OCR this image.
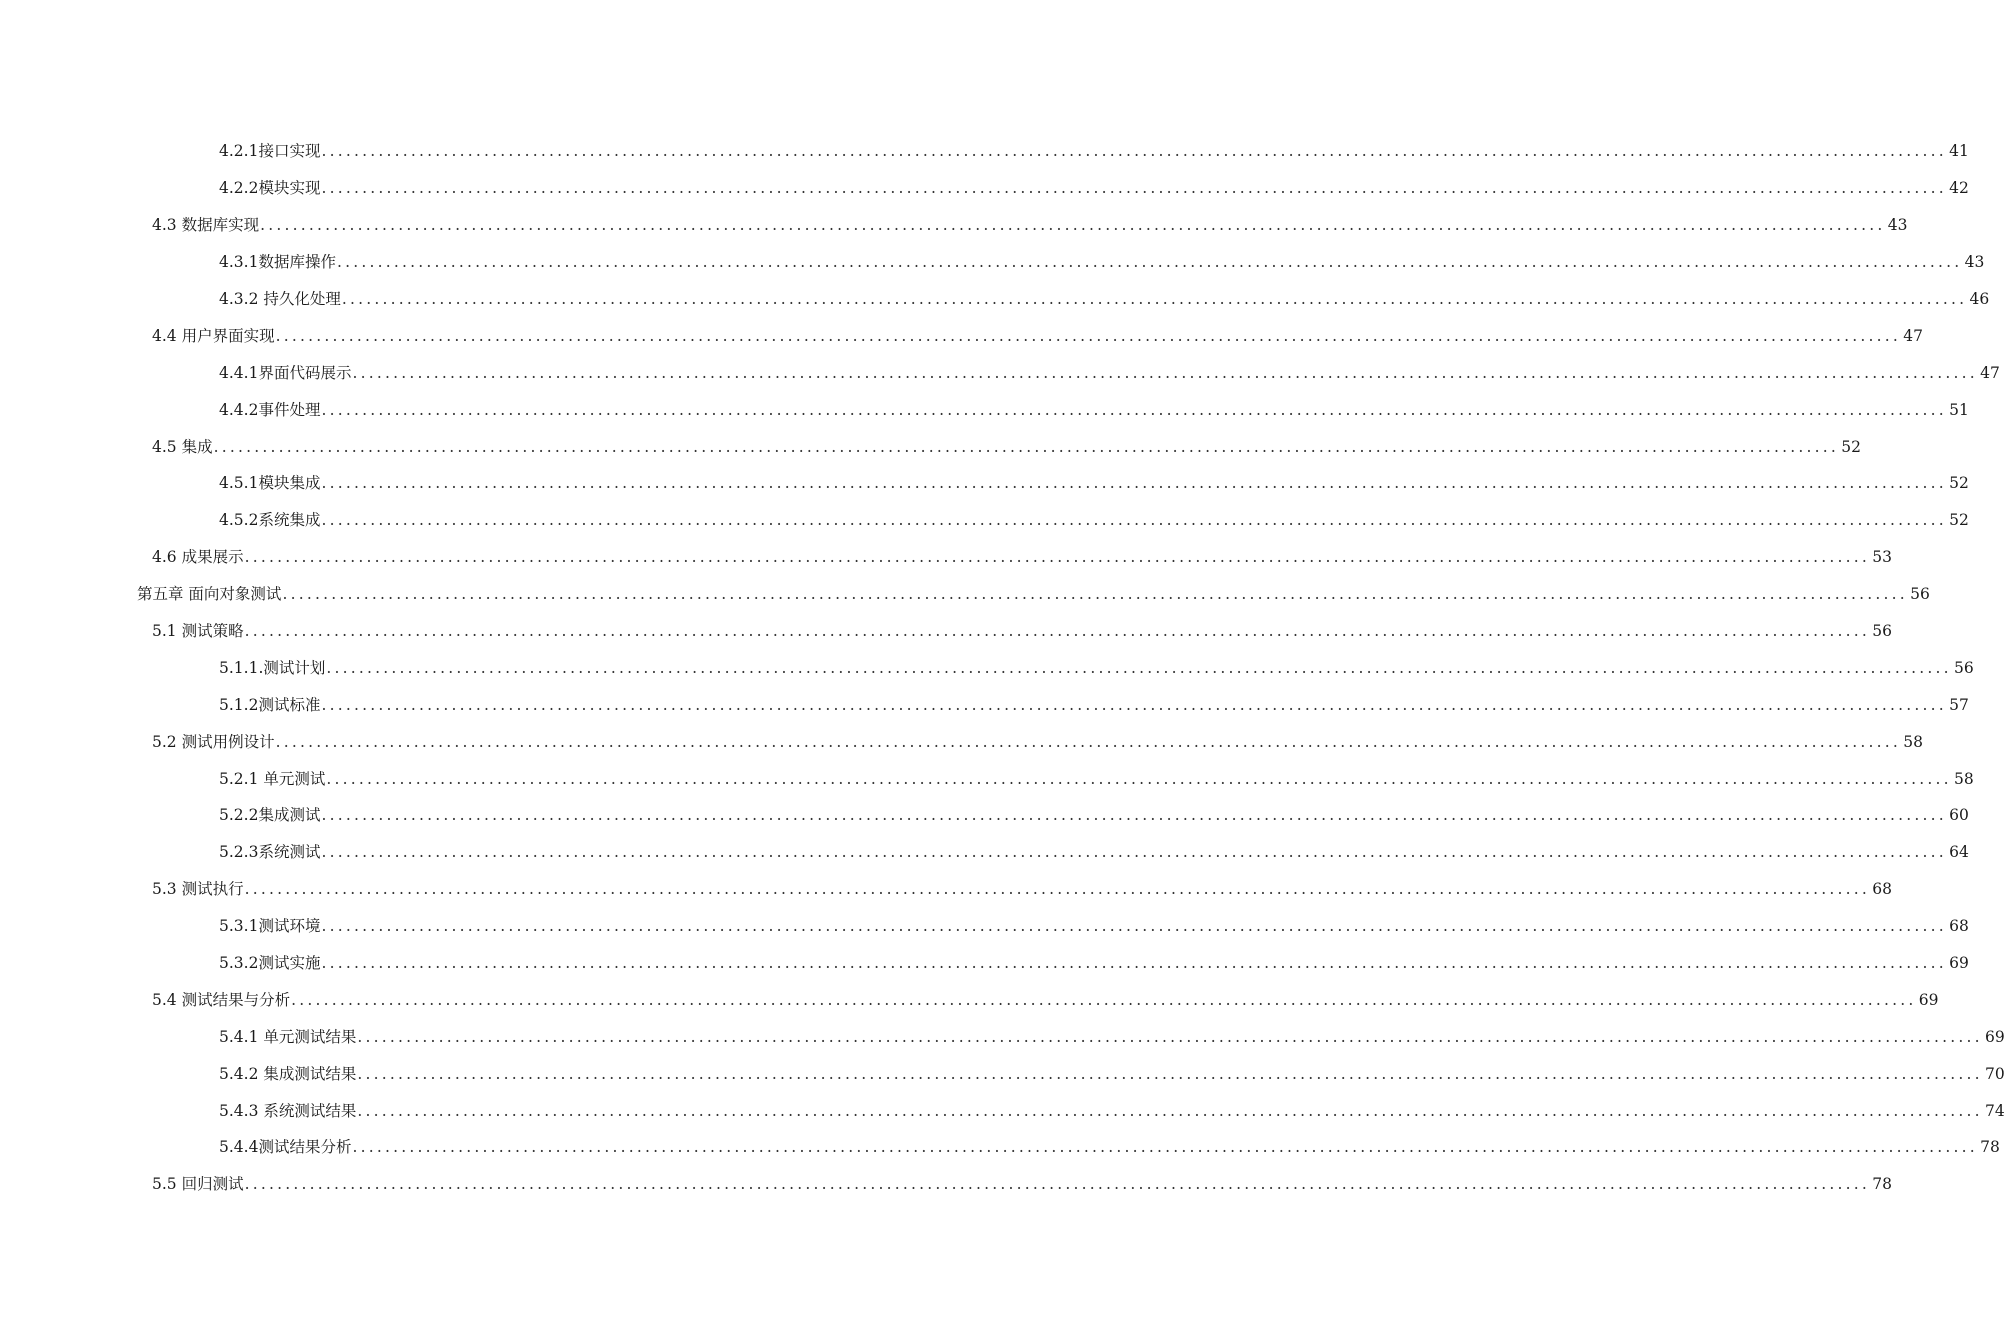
4.2.1接口实现 ........................................................................................................................................................................................................ 41
4.2.2模块实现 ........................................................................................................................................................................................................ 42
4.3 数据库实现 ........................................................................................................................................................................................................ 43
4.3.1数据库操作 ........................................................................................................................................................................................................ 43
4.3.2 持久化处理 ........................................................................................................................................................................................................ 46
4.4 用户界面实现 ........................................................................................................................................................................................................ 47
4.4.1界面代码展示 ........................................................................................................................................................................................................ 47
4.4.2事件处理 ........................................................................................................................................................................................................ 51
4.5 集成 ........................................................................................................................................................................................................ 52
4.5.1模块集成 ........................................................................................................................................................................................................ 52
4.5.2系统集成 ........................................................................................................................................................................................................ 52
4.6 成果展示 ........................................................................................................................................................................................................ 53
第五章 面向对象测试 ........................................................................................................................................................................................................ 56
5.1 测试策略 ........................................................................................................................................................................................................ 56
5.1.1.测试计划 ........................................................................................................................................................................................................ 56
5.1.2测试标准 ........................................................................................................................................................................................................ 57
5.2 测试用例设计 ........................................................................................................................................................................................................ 58
5.2.1 单元测试 ........................................................................................................................................................................................................ 58
5.2.2集成测试 ........................................................................................................................................................................................................ 60
5.2.3系统测试 ........................................................................................................................................................................................................ 64
5.3 测试执行 ........................................................................................................................................................................................................ 68
5.3.1测试环境 ........................................................................................................................................................................................................ 68
5.3.2测试实施 ........................................................................................................................................................................................................ 69
5.4 测试结果与分析 ........................................................................................................................................................................................................ 69
5.4.1 单元测试结果 ........................................................................................................................................................................................................ 69
5.4.2 集成测试结果 ........................................................................................................................................................................................................ 70
5.4.3 系统测试结果 ........................................................................................................................................................................................................ 74
5.4.4测试结果分析 ........................................................................................................................................................................................................ 78
5.5 回归测试 ........................................................................................................................................................................................................ 78
